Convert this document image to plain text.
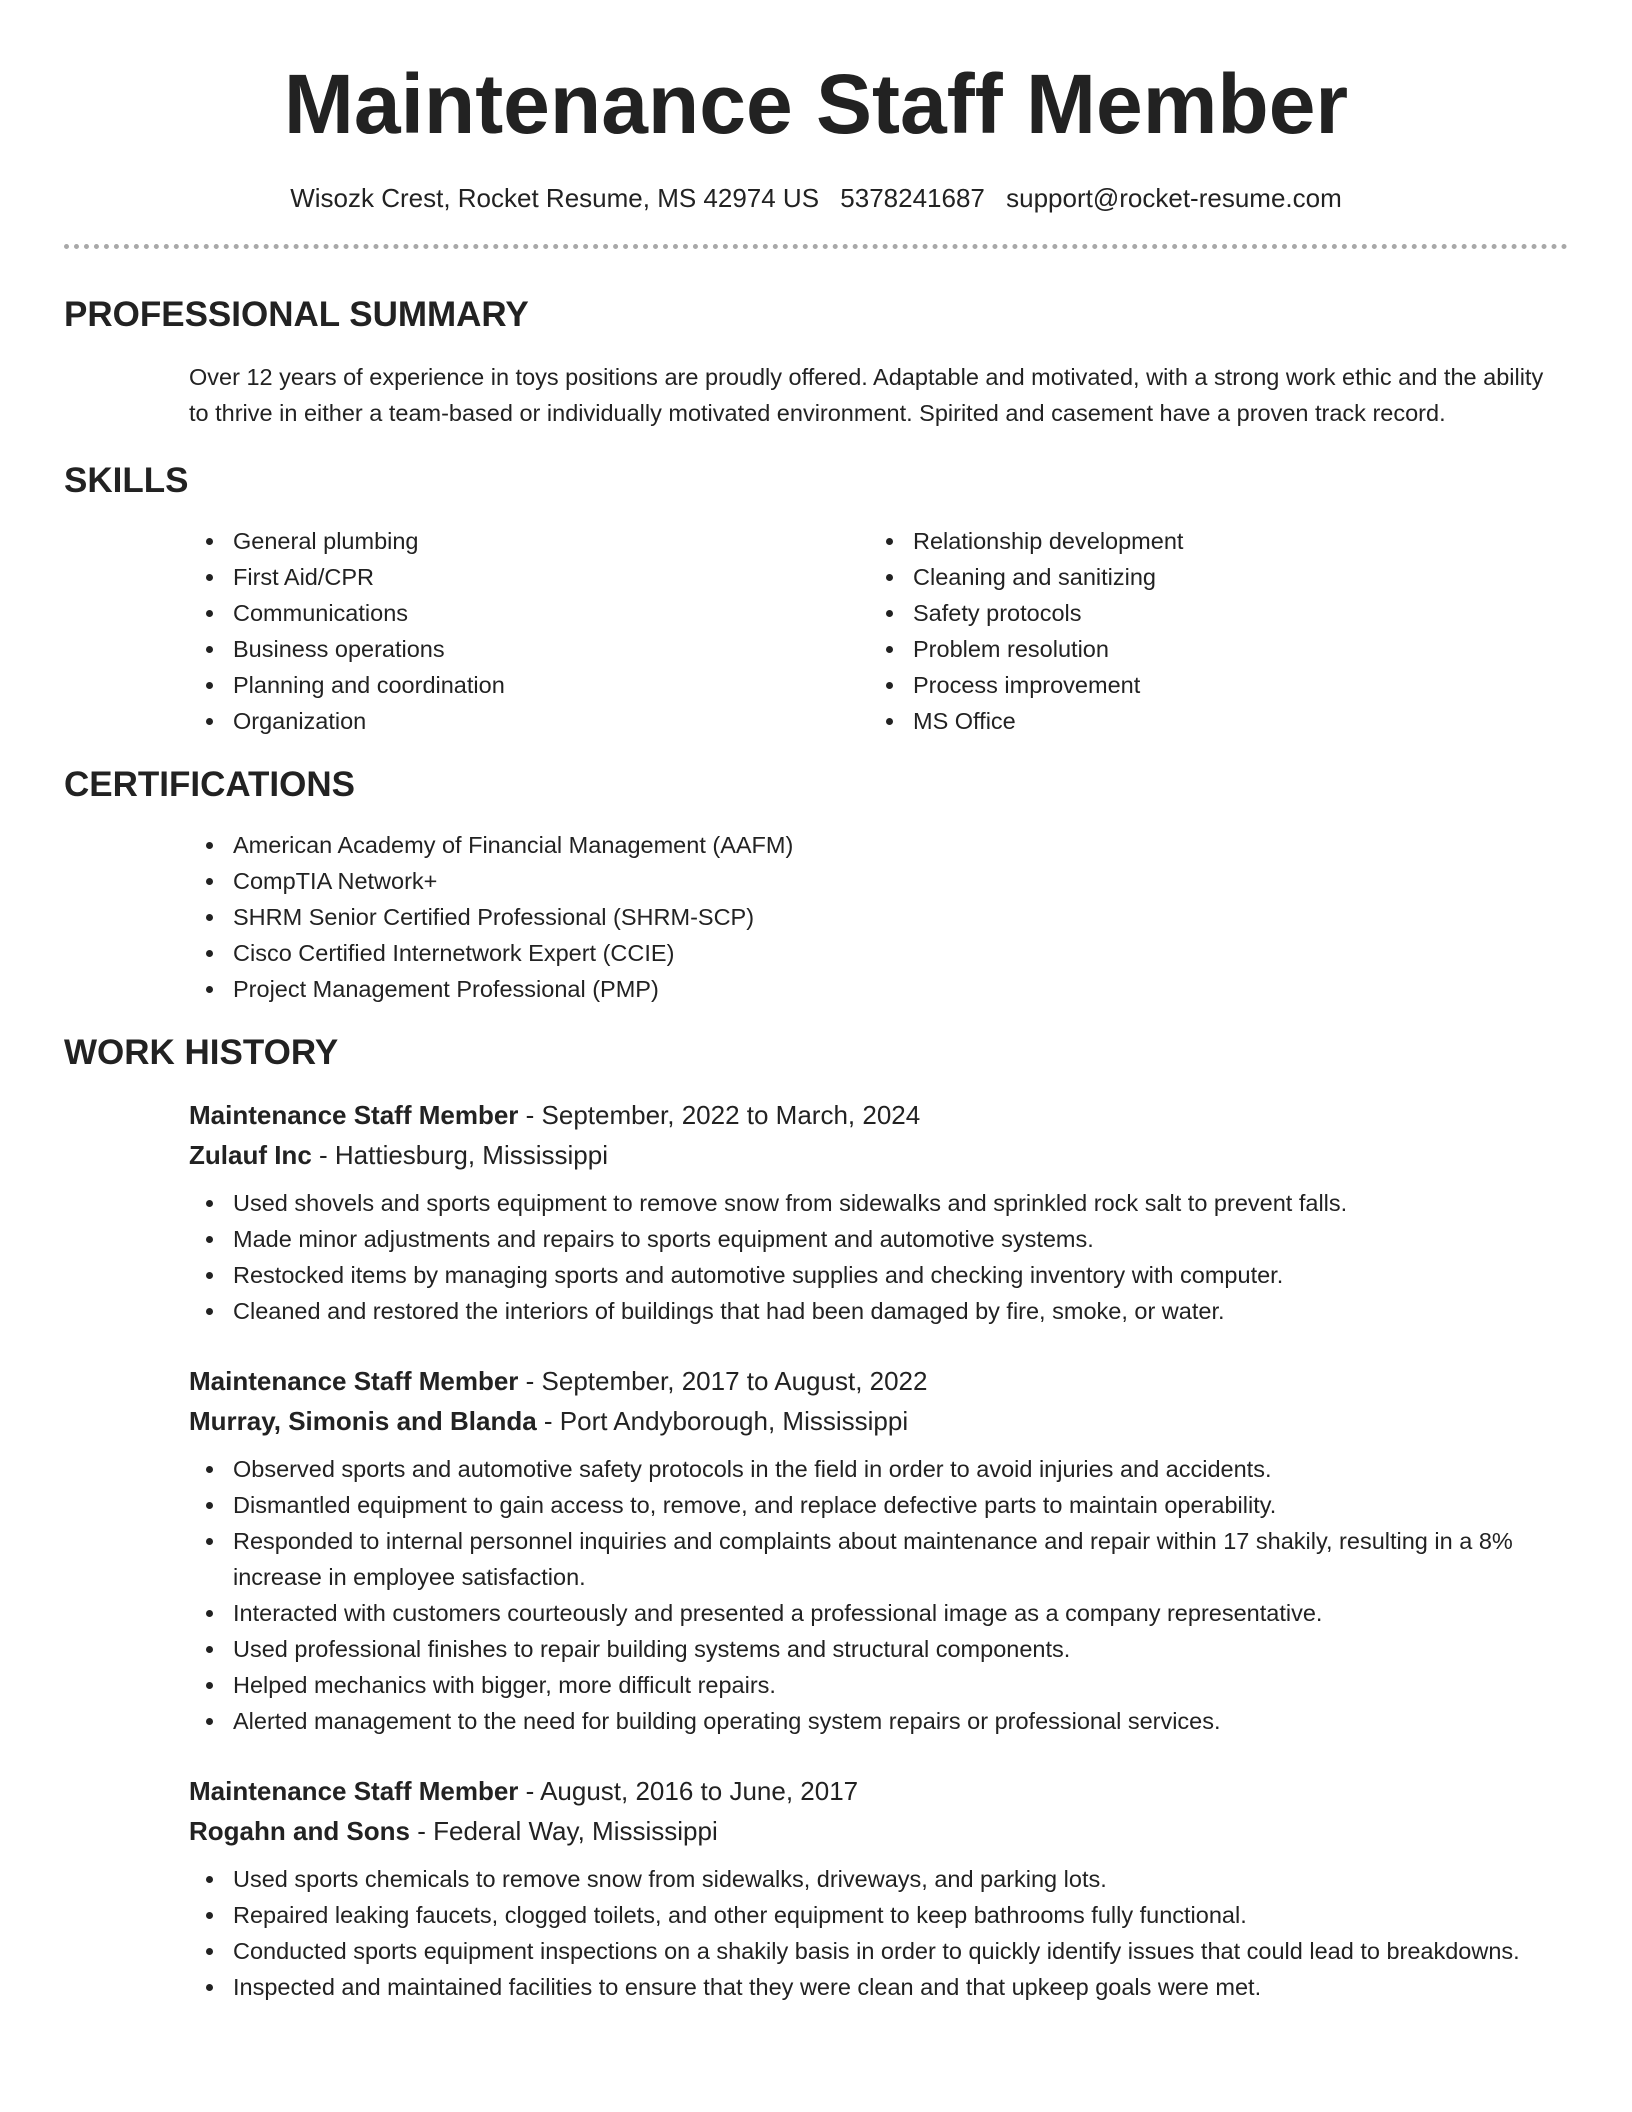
Maintenance Staff Member
Wisozk Crest, Rocket Resume, MS 42974 US 5378241687 support@rocket-resume.com
PROFESSIONAL SUMMARY

Over 12 years of experience in toys positions are proudly offered. Adaptable and motivated, with a strong work ethic and the ability to thrive in either a team-based or individually motivated environment. Spirited and casement have a proven track record.

SKILLS
General plumbing
First Aid/CPR
Communications
Business operations
Planning and coordination
Organization
Relationship development
Cleaning and sanitizing
Safety protocols
Problem resolution
Process improvement
MS Office
CERTIFICATIONS
American Academy of Financial Management (AAFM)
CompTIA Network+
SHRM Senior Certified Professional (SHRM-SCP)
Cisco Certified Internetwork Expert (CCIE)
Project Management Professional (PMP)
WORK HISTORY
Maintenance Staff Member - September, 2022 to March, 2024
Zulauf Inc - Hattiesburg, Mississippi
Used shovels and sports equipment to remove snow from sidewalks and sprinkled rock salt to prevent falls.
Made minor adjustments and repairs to sports equipment and automotive systems.
Restocked items by managing sports and automotive supplies and checking inventory with computer.
Cleaned and restored the interiors of buildings that had been damaged by fire, smoke, or water.
Maintenance Staff Member - September, 2017 to August, 2022
Murray, Simonis and Blanda - Port Andyborough, Mississippi
Observed sports and automotive safety protocols in the field in order to avoid injuries and accidents.
Dismantled equipment to gain access to, remove, and replace defective parts to maintain operability.
Responded to internal personnel inquiries and complaints about maintenance and repair within 17 shakily, resulting in a 8% increase in employee satisfaction.
Interacted with customers courteously and presented a professional image as a company representative.
Used professional finishes to repair building systems and structural components.
Helped mechanics with bigger, more difficult repairs.
Alerted management to the need for building operating system repairs or professional services.
Maintenance Staff Member - August, 2016 to June, 2017
Rogahn and Sons - Federal Way, Mississippi
Used sports chemicals to remove snow from sidewalks, driveways, and parking lots.
Repaired leaking faucets, clogged toilets, and other equipment to keep bathrooms fully functional.
Conducted sports equipment inspections on a shakily basis in order to quickly identify issues that could lead to breakdowns.
Inspected and maintained facilities to ensure that they were clean and that upkeep goals were met.
